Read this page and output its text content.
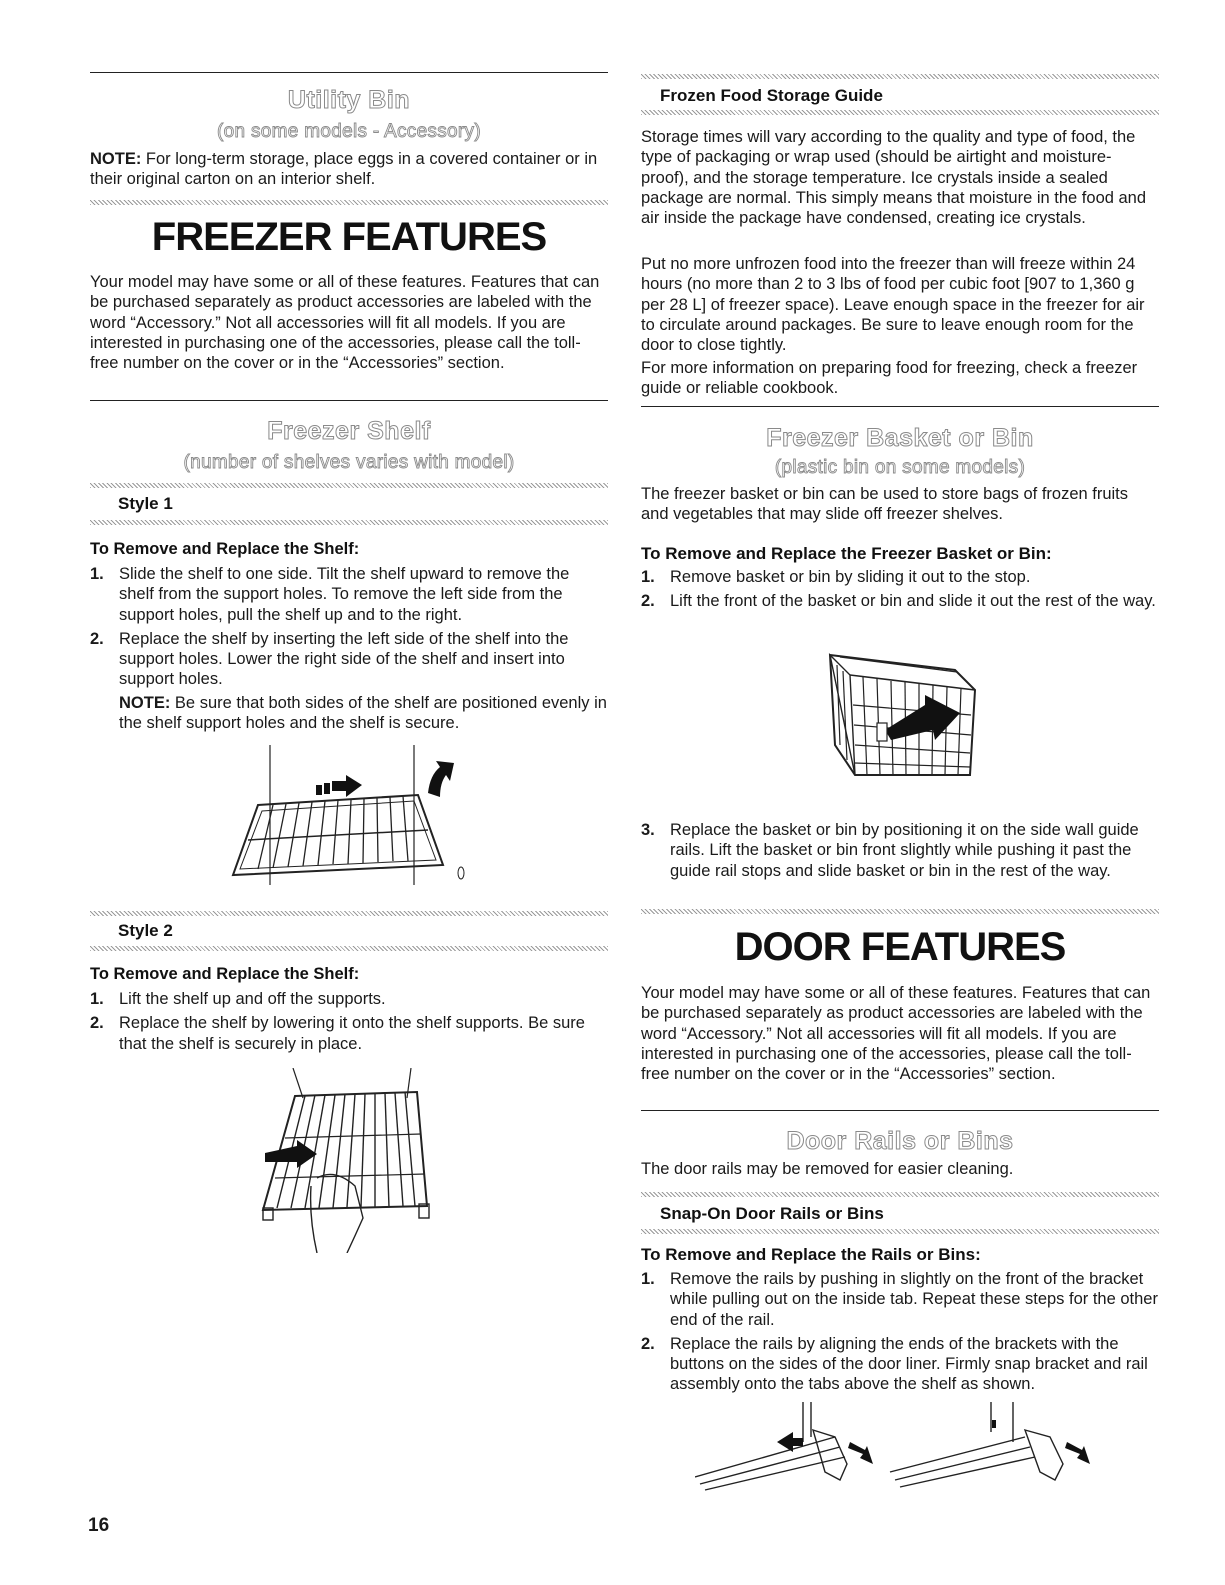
Utility Bin
(on some models - Accessory)

NOTE: For long-term storage, place eggs in a covered container or in their original carton on an interior shelf.

FREEZER FEATURES

Your model may have some or all of these features. Features that can be purchased separately as product accessories are labeled with the word “Accessory.” Not all accessories will fit all models. If you are interested in purchasing one of the accessories, please call the toll-free number on the cover or in the “Accessories” section.

Freezer Shelf
(number of shelves varies with model)
Style 1
To Remove and Replace the Shelf:
1. Slide the shelf to one side. Tilt the shelf upward to remove the shelf from the support holes. To remove the left side from the support holes, pull the shelf up and to the right.
2. Replace the shelf by inserting the left side of the shelf into the support holes. Lower the right side of the shelf and insert into support holes.

NOTE: Be sure that both sides of the shelf are positioned evenly in the shelf support holes and the shelf is secure.

Style 2
To Remove and Replace the Shelf:
1. Lift the shelf up and off the supports.
2. Replace the shelf by lowering it onto the shelf supports. Be sure that the shelf is securely in place.
16
Frozen Food Storage Guide

Storage times will vary according to the quality and type of food, the type of packaging or wrap used (should be airtight and moisture-proof), and the storage temperature. Ice crystals inside a sealed package are normal. This simply means that moisture in the food and air inside the package have condensed, creating ice crystals.

Put no more unfrozen food into the freezer than will freeze within 24 hours (no more than 2 to 3 lbs of food per cubic foot [907 to 1,360 g per 28 L] of freezer space). Leave enough space in the freezer for air to circulate around packages. Be sure to leave enough room for the door to close tightly.

For more information on preparing food for freezing, check a freezer guide or reliable cookbook.

Freezer Basket or Bin
(plastic bin on some models)

The freezer basket or bin can be used to store bags of frozen fruits and vegetables that may slide off freezer shelves.

To Remove and Replace the Freezer Basket or Bin:
1. Remove basket or bin by sliding it out to the stop.
2. Lift the front of the basket or bin and slide it out the rest of the way.
3. Replace the basket or bin by positioning it on the side wall guide rails. Lift the basket or bin front slightly while pushing it past the guide rail stops and slide basket or bin in the rest of the way.
DOOR FEATURES

Your model may have some or all of these features. Features that can be purchased separately as product accessories are labeled with the word “Accessory.” Not all accessories will fit all models. If you are interested in purchasing one of the accessories, please call the toll-free number on the cover or in the “Accessories” section.

Door Rails or Bins

The door rails may be removed for easier cleaning.

Snap-On Door Rails or Bins
To Remove and Replace the Rails or Bins:
1. Remove the rails by pushing in slightly on the front of the bracket while pulling out on the inside tab. Repeat these steps for the other end of the rail.
2. Replace the rails by aligning the ends of the brackets with the buttons on the sides of the door liner. Firmly snap bracket and rail assembly onto the tabs above the shelf as shown.
